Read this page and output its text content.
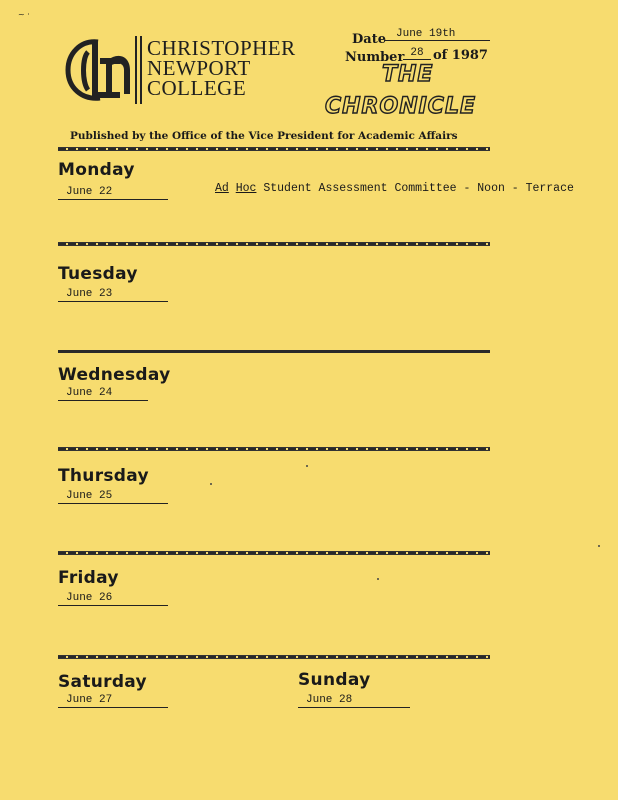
~ ·
CHRISTOPHER
NEWPORT
COLLEGE
Date June 19th
Number 28 of 1987
THE
CHRONICLE
Published by the Office of the Vice President for Academic Affairs
Monday
June 22	Ad Hoc Student Assessment Committee - Noon - Terrace
Tuesday
June 23
Wednesday
June 24
Thursday
June 25
Friday
June 26
Saturday
June 27
Sunday
June 28
